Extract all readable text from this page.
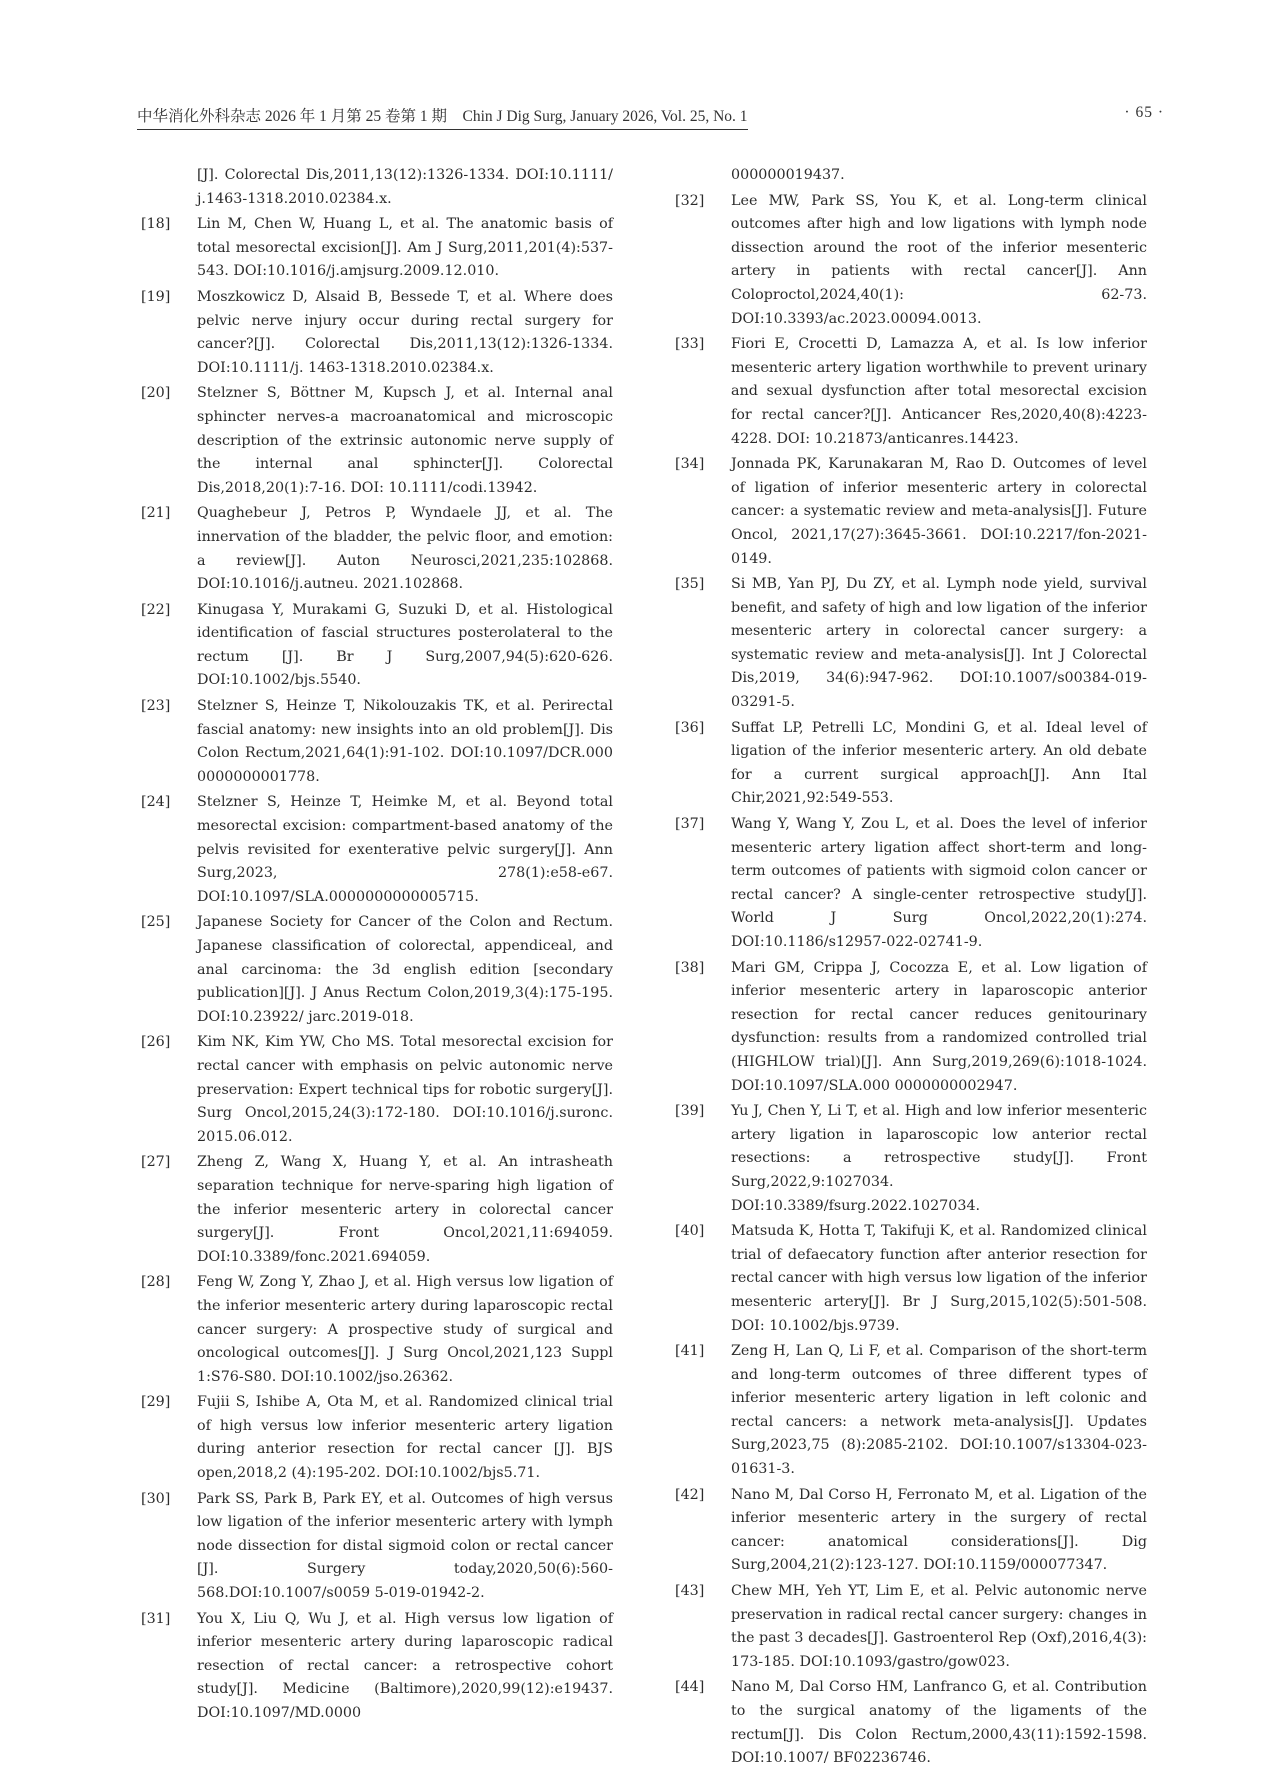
中华消化外科杂志 2026 年 1 月第 25 卷第 1 期　Chin J Dig Surg, January 2026, Vol. 25, No. 1	· 65 ·
[J]. Colorectal Dis,2011,13(12):1326-1334. DOI:10.1111/ j.1463-1318.2010.02384.x.
[18]	Lin M, Chen W, Huang L, et al. The anatomic basis of total mesorectal excision[J]. Am J Surg,2011,201(4):537-543. DOI:10.1016/j.amjsurg.2009.12.010.
[19]	Moszkowicz D, Alsaid B, Bessede T, et al. Where does pelvic nerve injury occur during rectal surgery for cancer?[J]. Colorectal Dis,2011,13(12):1326-1334. DOI:10.1111/j. 1463-1318.2010.02384.x.
[20]	Stelzner S, Böttner M, Kupsch J, et al. Internal anal sphincter nerves-a macroanatomical and microscopic description of the extrinsic autonomic nerve supply of the internal anal sphincter[J]. Colorectal Dis,2018,20(1):7-16. DOI: 10.1111/codi.13942.
[21]	Quaghebeur J, Petros P, Wyndaele JJ, et al. The innervation of the bladder, the pelvic floor, and emotion: a review[J]. Auton Neurosci,2021,235:102868. DOI:10.1016/j.autneu. 2021.102868.
[22]	Kinugasa Y, Murakami G, Suzuki D, et al. Histological identification of fascial structures posterolateral to the rectum [J]. Br J Surg,2007,94(5):620-626. DOI:10.1002/bjs.5540.
[23]	Stelzner S, Heinze T, Nikolouzakis TK, et al. Perirectal fascial anatomy: new insights into an old problem[J]. Dis Colon Rectum,2021,64(1):91-102. DOI:10.1097/DCR.000 0000000001778.
[24]	Stelzner S, Heinze T, Heimke M, et al. Beyond total mesorectal excision: compartment-based anatomy of the pelvis revisited for exenterative pelvic surgery[J]. Ann Surg,2023, 278(1):e58-e67. DOI:10.1097/SLA.0000000000005715.
[25]	Japanese Society for Cancer of the Colon and Rectum. Japanese classification of colorectal, appendiceal, and anal carcinoma: the 3d english edition [secondary publication][J]. J Anus Rectum Colon,2019,3(4):175-195. DOI:10.23922/ jarc.2019-018.
[26]	Kim NK, Kim YW, Cho MS. Total mesorectal excision for rectal cancer with emphasis on pelvic autonomic nerve preservation: Expert technical tips for robotic surgery[J]. Surg Oncol,2015,24(3):172-180. DOI:10.1016/j.suronc. 2015.06.012.
[27]	Zheng Z, Wang X, Huang Y, et al. An intrasheath separation technique for nerve-sparing high ligation of the inferior mesenteric artery in colorectal cancer surgery[J]. Front Oncol,2021,11:694059. DOI:10.3389/fonc.2021.694059.
[28]	Feng W, Zong Y, Zhao J, et al. High versus low ligation of the inferior mesenteric artery during laparoscopic rectal cancer surgery: A prospective study of surgical and oncological outcomes[J]. J Surg Oncol,2021,123 Suppl 1:S76-S80. DOI:10.1002/jso.26362.
[29]	Fujii S, Ishibe A, Ota M, et al. Randomized clinical trial of high versus low inferior mesenteric artery ligation during anterior resection for rectal cancer [J]. BJS open,2018,2 (4):195-202. DOI:10.1002/bjs5.71.
[30]	Park SS, Park B, Park EY, et al. Outcomes of high versus low ligation of the inferior mesenteric artery with lymph node dissection for distal sigmoid colon or rectal cancer [J]. Surgery today,2020,50(6):560-568.DOI:10.1007/s0059 5-019-01942-2.
[31]	You X, Liu Q, Wu J, et al. High versus low ligation of inferior mesenteric artery during laparoscopic radical resection of rectal cancer: a retrospective cohort study[J]. Medicine (Baltimore),2020,99(12):e19437. DOI:10.1097/MD.0000
000000019437.
[32]	Lee MW, Park SS, You K, et al. Long-term clinical outcomes after high and low ligations with lymph node dissection around the root of the inferior mesenteric artery in patients with rectal cancer[J]. Ann Coloproctol,2024,40(1): 62-73. DOI:10.3393/ac.2023.00094.0013.
[33]	Fiori E, Crocetti D, Lamazza A, et al. Is low inferior mesenteric artery ligation worthwhile to prevent urinary and sexual dysfunction after total mesorectal excision for rectal cancer?[J]. Anticancer Res,2020,40(8):4223-4228. DOI: 10.21873/anticanres.14423.
[34]	Jonnada PK, Karunakaran M, Rao D. Outcomes of level of ligation of inferior mesenteric artery in colorectal cancer: a systematic review and meta-analysis[J]. Future Oncol, 2021,17(27):3645-3661. DOI:10.2217/fon-2021-0149.
[35]	Si MB, Yan PJ, Du ZY, et al. Lymph node yield, survival benefit, and safety of high and low ligation of the inferior mesenteric artery in colorectal cancer surgery: a systematic review and meta-analysis[J]. Int J Colorectal Dis,2019, 34(6):947-962. DOI:10.1007/s00384-019-03291-5.
[36]	Suffat LP, Petrelli LC, Mondini G, et al. Ideal level of ligation of the inferior mesenteric artery. An old debate for a current surgical approach[J]. Ann Ital Chir,2021,92:549-553.
[37]	Wang Y, Wang Y, Zou L, et al. Does the level of inferior mesenteric artery ligation affect short-term and long-term outcomes of patients with sigmoid colon cancer or rectal cancer? A single-center retrospective study[J]. World J Surg Oncol,2022,20(1):274. DOI:10.1186/s12957-022-02741-9.
[38]	Mari GM, Crippa J, Cocozza E, et al. Low ligation of inferior mesenteric artery in laparoscopic anterior resection for rectal cancer reduces genitourinary dysfunction: results from a randomized controlled trial (HIGHLOW trial)[J]. Ann Surg,2019,269(6):1018-1024. DOI:10.1097/SLA.000 0000000002947.
[39]	Yu J, Chen Y, Li T, et al. High and low inferior mesenteric artery ligation in laparoscopic low anterior rectal resections: a retrospective study[J]. Front Surg,2022,9:1027034. DOI:10.3389/fsurg.2022.1027034.
[40]	Matsuda K, Hotta T, Takifuji K, et al. Randomized clinical trial of defaecatory function after anterior resection for rectal cancer with high versus low ligation of the inferior mesenteric artery[J]. Br J Surg,2015,102(5):501-508. DOI: 10.1002/bjs.9739.
[41]	Zeng H, Lan Q, Li F, et al. Comparison of the short-term and long-term outcomes of three different types of inferior mesenteric artery ligation in left colonic and rectal cancers: a network meta-analysis[J]. Updates Surg,2023,75 (8):2085-2102. DOI:10.1007/s13304-023-01631-3.
[42]	Nano M, Dal Corso H, Ferronato M, et al. Ligation of the inferior mesenteric artery in the surgery of rectal cancer: anatomical considerations[J]. Dig Surg,2004,21(2):123-127. DOI:10.1159/000077347.
[43]	Chew MH, Yeh YT, Lim E, et al. Pelvic autonomic nerve preservation in radical rectal cancer surgery: changes in the past 3 decades[J]. Gastroenterol Rep (Oxf),2016,4(3): 173-185. DOI:10.1093/gastro/gow023.
[44]	Nano M, Dal Corso HM, Lanfranco G, et al. Contribution to the surgical anatomy of the ligaments of the rectum[J]. Dis Colon Rectum,2000,43(11):1592-1598. DOI:10.1007/ BF02236746.
